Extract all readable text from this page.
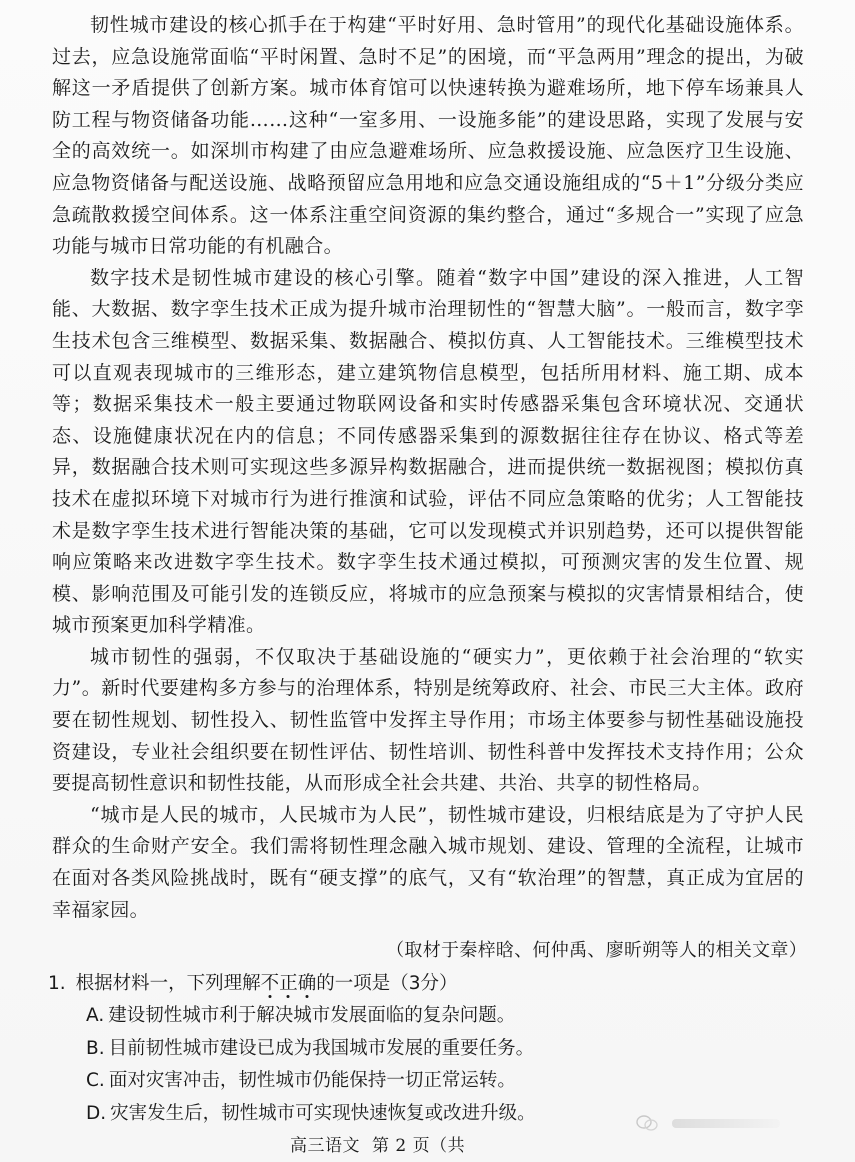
韧性城市建设的核心抓手在于构建“平时好用、急时管用”的现代化基础设施体系。过去，应急设施常面临“平时闲置、急时不足”的困境，而“平急两用”理念的提出，为破解这一矛盾提供了创新方案。城市体育馆可以快速转换为避难场所，地下停车场兼具人防工程与物资储备功能……这种“一室多用、一设施多能”的建设思路，实现了发展与安全的高效统一。如深圳市构建了由应急避难场所、应急救援设施、应急医疗卫生设施、应急物资储备与配送设施、战略预留应急用地和应急交通设施组成的“5＋1”分级分类应急疏散救援空间体系。这一体系注重空间资源的集约整合，通过“多规合一”实现了应急功能与城市日常功能的有机融合。

数字技术是韧性城市建设的核心引擎。随着“数字中国”建设的深入推进，人工智能、大数据、数字孪生技术正成为提升城市治理韧性的“智慧大脑”。一般而言，数字孪生技术包含三维模型、数据采集、数据融合、模拟仿真、人工智能技术。三维模型技术可以直观表现城市的三维形态，建立建筑物信息模型，包括所用材料、施工期、成本等；数据采集技术一般主要通过物联网设备和实时传感器采集包含环境状况、交通状态、设施健康状况在内的信息；不同传感器采集到的源数据往往存在协议、格式等差异，数据融合技术则可实现这些多源异构数据融合，进而提供统一数据视图；模拟仿真技术在虚拟环境下对城市行为进行推演和试验，评估不同应急策略的优劣；人工智能技术是数字孪生技术进行智能决策的基础，它可以发现模式并识别趋势，还可以提供智能响应策略来改进数字孪生技术。数字孪生技术通过模拟，可预测灾害的发生位置、规模、影响范围及可能引发的连锁反应，将城市的应急预案与模拟的灾害情景相结合，使城市预案更加科学精准。

城市韧性的强弱，不仅取决于基础设施的“硬实力”，更依赖于社会治理的“软实力”。新时代要建构多方参与的治理体系，特别是统筹政府、社会、市民三大主体。政府要在韧性规划、韧性投入、韧性监管中发挥主导作用；市场主体要参与韧性基础设施投资建设，专业社会组织要在韧性评估、韧性培训、韧性科普中发挥技术支持作用；公众要提高韧性意识和韧性技能，从而形成全社会共建、共治、共享的韧性格局。

“城市是人民的城市，人民城市为人民”，韧性城市建设，归根结底是为了守护人民群众的生命财产安全。我们需将韧性理念融入城市规划、建设、管理的全流程，让城市在面对各类风险挑战时，既有“硬支撑”的底气，又有“软治理”的智慧，真正成为宜居的幸福家园。

（取材于秦梓晗、何仲禹、廖昕朔等人的相关文章）

1. 根据材料一，下列理解不正确的一项是（3分）

A. 建设韧性城市利于解决城市发展面临的复杂问题。

B. 目前韧性城市建设已成为我国城市发展的重要任务。

C. 面对灾害冲击，韧性城市仍能保持一切正常运转。

D. 灾害发生后，韧性城市可实现快速恢复或改进升级。

高三语文 第 2 页（共
